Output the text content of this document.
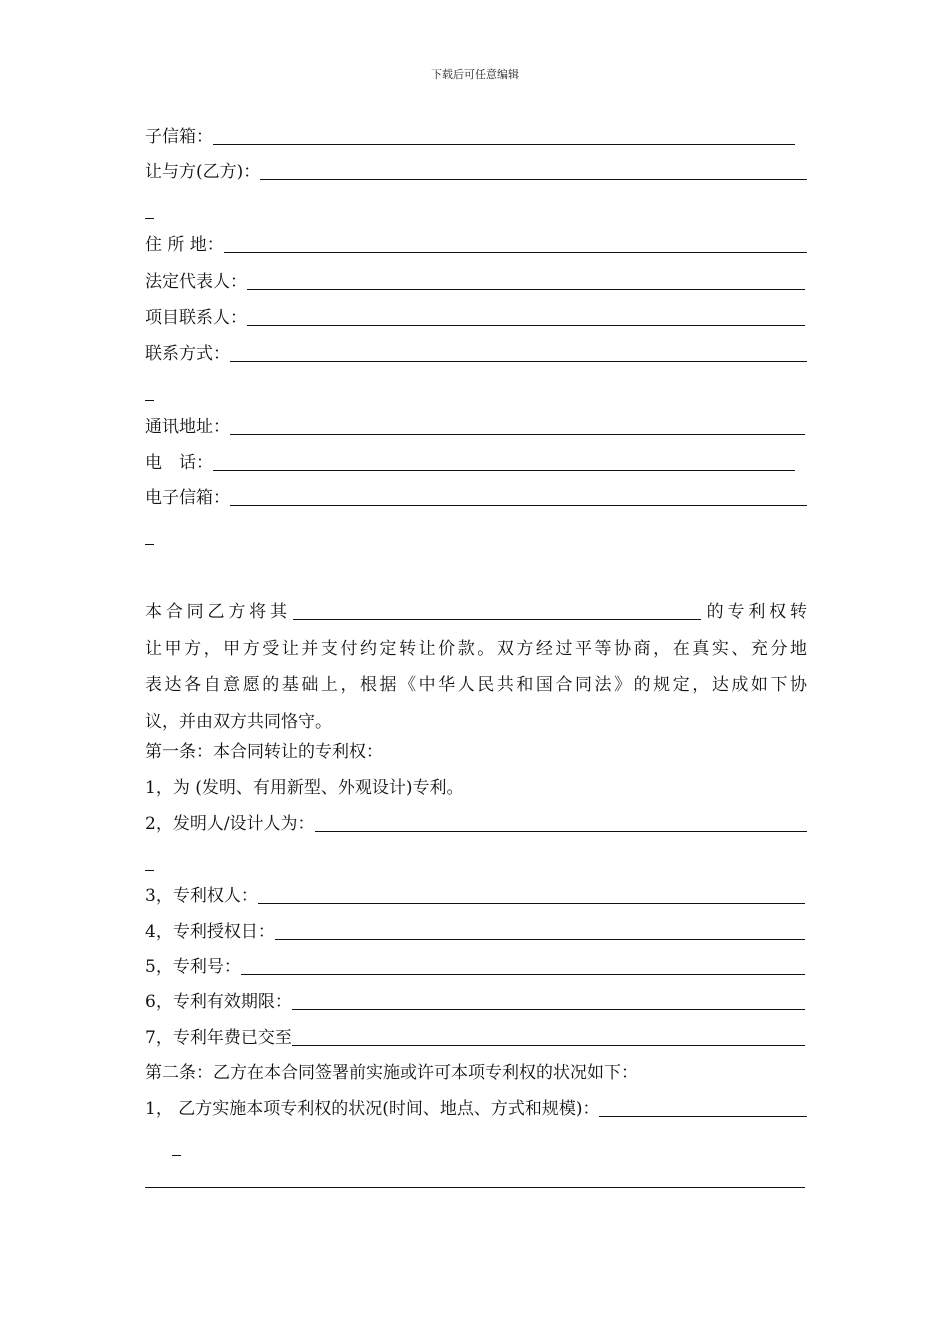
下载后可任意编辑
子信箱：
让与方(乙方)：
住 所 地：
法定代表人：
项目联系人：
联系方式：
通讯地址：
电　话：
电子信箱：
本合同乙方将其	的专利权转
让甲方，甲方受让并支付约定转让价款。双方经过平等协商，在真实、充分地
表达各自意愿的基础上，根据《中华人民共和国合同法》的规定，达成如下协
议，并由双方共同恪守。
第一条：本合同转让的专利权：
1，为 (发明、有用新型、外观设计)专利。
2，发明人/设计人为：
3，专利权人：
4，专利授权日：
5，专利号：
6，专利有效期限：
7，专利年费已交至
第二条：乙方在本合同签署前实施或许可本项专利权的状况如下：
1， 乙方实施本项专利权的状况(时间、地点、方式和规模)：
